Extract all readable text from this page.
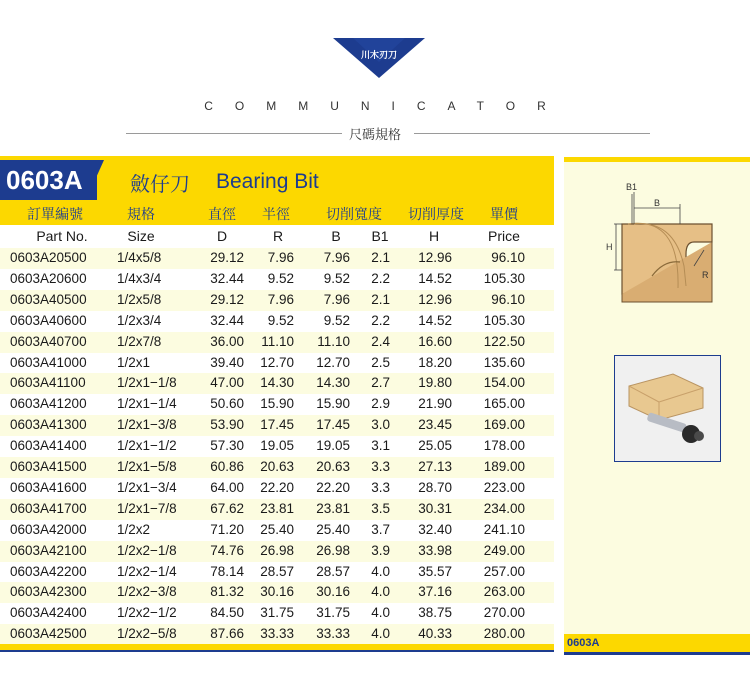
川木刃刀
COMMUNICATOR
尺碼規格
0603A	斂仔刀 Bearing Bit
訂單編號	規格	直徑	半徑	切削寬度	切削厚度	單價
Part No.	Size	D	R	B	B1	H	Price
0603A20500 1/4x5/8	29.12	7.96	7.96	2.1	12.96	96.10
0603A20600 1/4x3/4	32.44	9.52	9.52	2.2	14.52	105.30
0603A40500 1/2x5/8	29.12	7.96	7.96	2.1	12.96	96.10
0603A40600 1/2x3/4	32.44	9.52	9.52	2.2	14.52	105.30
0603A40700 1/2x7/8	36.00	11.10	11.10	2.4	16.60	122.50
0603A41000 1/2x1	39.40	12.70	12.70	2.5	18.20	135.60
0603A41100 1/2x1−1/8	47.00	14.30	14.30	2.7	19.80	154.00
0603A41200 1/2x1−1/4	50.60	15.90	15.90	2.9	21.90	165.00
0603A41300 1/2x1−3/8	53.90	17.45	17.45	3.0	23.45	169.00
0603A41400 1/2x1−1/2	57.30	19.05	19.05	3.1	25.05	178.00
0603A41500 1/2x1−5/8	60.86	20.63	20.63	3.3	27.13	189.00
0603A41600 1/2x1−3/4	64.00	22.20	22.20	3.3	28.70	223.00
0603A41700 1/2x1−7/8	67.62	23.81	23.81	3.5	30.31	234.00
0603A42000 1/2x2	71.20	25.40	25.40	3.7	32.40	241.10
0603A42100 1/2x2−1/8	74.76	26.98	26.98	3.9	33.98	249.00
0603A42200 1/2x2−1/4	78.14	28.57	28.57	4.0	35.57	257.00
0603A42300 1/2x2−3/8	81.32	30.16	30.16	4.0	37.16	263.00
0603A42400 1/2x2−1/2	84.50	31.75	31.75	4.0	38.75	270.00
0603A42500 1/2x2−5/8	87.66	33.33	33.33	4.0	40.33	280.00
B1
B
H
R
0603A
